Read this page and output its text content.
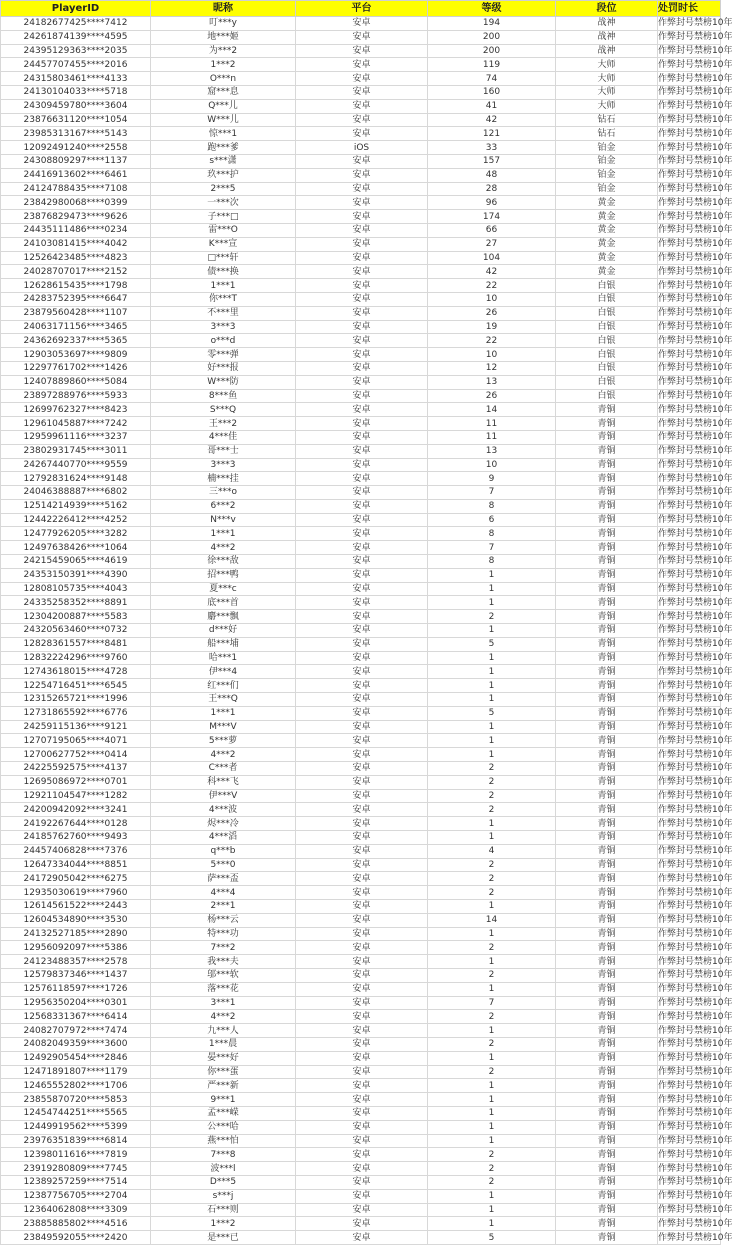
PlayerID	昵称	平台	等级	段位	处罚时长
24182677425****7412	叮***y	安卓	194	战神	作弊封号禁榜10年
24261874139****4595	地***姬	安卓	200	战神	作弊封号禁榜10年
24395129363****2035	为***2	安卓	200	战神	作弊封号禁榜10年
24457707455****2016	1***2	安卓	119	大师	作弊封号禁榜10年
24315803461****4133	O***n	安卓	74	大师	作弊封号禁榜10年
24130104033****5718	窟***息	安卓	160	大师	作弊封号禁榜10年
24309459780****3604	Q***儿	安卓	41	大师	作弊封号禁榜10年
23876631120****1054	W***儿	安卓	42	钻石	作弊封号禁榜10年
23985313167****5143	惊***1	安卓	121	钻石	作弊封号禁榜10年
12092491240****2558	跑***爹	iOS	33	铂金	作弊封号禁榜10年
24308809297****1137	s***潇	安卓	157	铂金	作弊封号禁榜10年
24416913602****6461	玖***护	安卓	48	铂金	作弊封号禁榜10年
24124788435****7108	2***5	安卓	28	铂金	作弊封号禁榜10年
23842980068****0399	一***次	安卓	96	黄金	作弊封号禁榜10年
23876829473****9626	子***□	安卓	174	黄金	作弊封号禁榜10年
24435111486****0234	雷***O	安卓	66	黄金	作弊封号禁榜10年
24103081415****4042	K***宣	安卓	27	黄金	作弊封号禁榜10年
12526423485****4823	□***轩	安卓	104	黄金	作弊封号禁榜10年
24028707017****2152	债***换	安卓	42	黄金	作弊封号禁榜10年
12628615435****1798	1***1	安卓	22	白银	作弊封号禁榜10年
24283752395****6647	你***T	安卓	10	白银	作弊封号禁榜10年
23879560428****1107	不***里	安卓	26	白银	作弊封号禁榜10年
24063171156****3465	3***3	安卓	19	白银	作弊封号禁榜10年
24362692337****5365	o***d	安卓	22	白银	作弊封号禁榜10年
12903053697****9809	零***弹	安卓	10	白银	作弊封号禁榜10年
12297761702****1426	好***报	安卓	12	白银	作弊封号禁榜10年
12407889860****5084	W***防	安卓	13	白银	作弊封号禁榜10年
23897288976****5933	8***鱼	安卓	26	白银	作弊封号禁榜10年
12699762327****8423	S***Q	安卓	14	青铜	作弊封号禁榜10年
12961045887****7242	王***2	安卓	11	青铜	作弊封号禁榜10年
12959961116****3237	4***佳	安卓	11	青铜	作弊封号禁榜10年
23802931745****3011	哥***士	安卓	13	青铜	作弊封号禁榜10年
24267440770****9559	3***3	安卓	10	青铜	作弊封号禁榜10年
12792831624****9148	楠***挂	安卓	9	青铜	作弊封号禁榜10年
24046388887****6802	三***o	安卓	7	青铜	作弊封号禁榜10年
12514214939****5162	6***2	安卓	8	青铜	作弊封号禁榜10年
12442226412****4252	N***v	安卓	6	青铜	作弊封号禁榜10年
12477926205****3282	1***1	安卓	8	青铜	作弊封号禁榜10年
12497638426****1064	4***2	安卓	7	青铜	作弊封号禁榜10年
24215459065****4619	徐***敌	安卓	8	青铜	作弊封号禁榜10年
24353150391****4390	招***鸭	安卓	1	青铜	作弊封号禁榜10年
12808105735****4043	夏***c	安卓	1	青铜	作弊封号禁榜10年
24335258352****8891	底***首	安卓	1	青铜	作弊封号禁榜10年
12304200887****5583	麝***飘	安卓	2	青铜	作弊封号禁榜10年
24320563460****0732	d***好	安卓	1	青铜	作弊封号禁榜10年
12828361557****8481	船***埔	安卓	5	青铜	作弊封号禁榜10年
12832224296****9760	哈***1	安卓	1	青铜	作弊封号禁榜10年
12743618015****4728	伊***4	安卓	1	青铜	作弊封号禁榜10年
12254716451****6545	红***们	安卓	1	青铜	作弊封号禁榜10年
12315265721****1996	王***Q	安卓	1	青铜	作弊封号禁榜10年
12731865592****6776	1***1	安卓	5	青铜	作弊封号禁榜10年
24259115136****9121	M***V	安卓	1	青铜	作弊封号禁榜10年
12707195065****4071	5***萝	安卓	1	青铜	作弊封号禁榜10年
12700627752****0414	4***2	安卓	1	青铜	作弊封号禁榜10年
24225592575****4137	C***者	安卓	2	青铜	作弊封号禁榜10年
12695086972****0701	科***飞	安卓	2	青铜	作弊封号禁榜10年
12921104547****1282	伊***V	安卓	2	青铜	作弊封号禁榜10年
24200942092****3241	4***波	安卓	2	青铜	作弊封号禁榜10年
24192267644****0128	烬***冷	安卓	1	青铜	作弊封号禁榜10年
24185762760****9493	4***滔	安卓	1	青铜	作弊封号禁榜10年
24457406828****7376	q***b	安卓	4	青铜	作弊封号禁榜10年
12647334044****8851	5***0	安卓	2	青铜	作弊封号禁榜10年
24172905042****6275	萨***盃	安卓	2	青铜	作弊封号禁榜10年
12935030619****7960	4***4	安卓	2	青铜	作弊封号禁榜10年
12614561522****2443	2***1	安卓	1	青铜	作弊封号禁榜10年
12604534890****3530	杨***云	安卓	14	青铜	作弊封号禁榜10年
24132527185****2890	特***功	安卓	1	青铜	作弊封号禁榜10年
12956092097****5386	7***2	安卓	2	青铜	作弊封号禁榜10年
24123488357****2578	我***夫	安卓	1	青铜	作弊封号禁榜10年
12579837346****1437	邬***软	安卓	2	青铜	作弊封号禁榜10年
12576118597****1726	落***花	安卓	1	青铜	作弊封号禁榜10年
12956350204****0301	3***1	安卓	7	青铜	作弊封号禁榜10年
12568331367****6414	4***2	安卓	2	青铜	作弊封号禁榜10年
24082707972****7474	九***人	安卓	1	青铜	作弊封号禁榜10年
24082049359****3600	1***晨	安卓	2	青铜	作弊封号禁榜10年
12492905454****2846	晏***好	安卓	1	青铜	作弊封号禁榜10年
12471891807****1179	你***蛋	安卓	2	青铜	作弊封号禁榜10年
12465552802****1706	严***新	安卓	1	青铜	作弊封号禁榜10年
23855870720****5853	9***1	安卓	1	青铜	作弊封号禁榜10年
12454744251****5565	孟***嵘	安卓	1	青铜	作弊封号禁榜10年
12449919562****5399	公***哈	安卓	1	青铜	作弊封号禁榜10年
23976351839****6814	燕***怕	安卓	1	青铜	作弊封号禁榜10年
12398011616****7819	7***8	安卓	2	青铜	作弊封号禁榜10年
23919280809****7745	波***l	安卓	2	青铜	作弊封号禁榜10年
12389257259****7514	D***5	安卓	2	青铜	作弊封号禁榜10年
12387756705****2704	s***j	安卓	1	青铜	作弊封号禁榜10年
12364062808****3309	石***则	安卓	1	青铜	作弊封号禁榜10年
23885885802****4516	1***2	安卓	1	青铜	作弊封号禁榜10年
23849592055****2420	是***已	安卓	5	青铜	作弊封号禁榜10年
